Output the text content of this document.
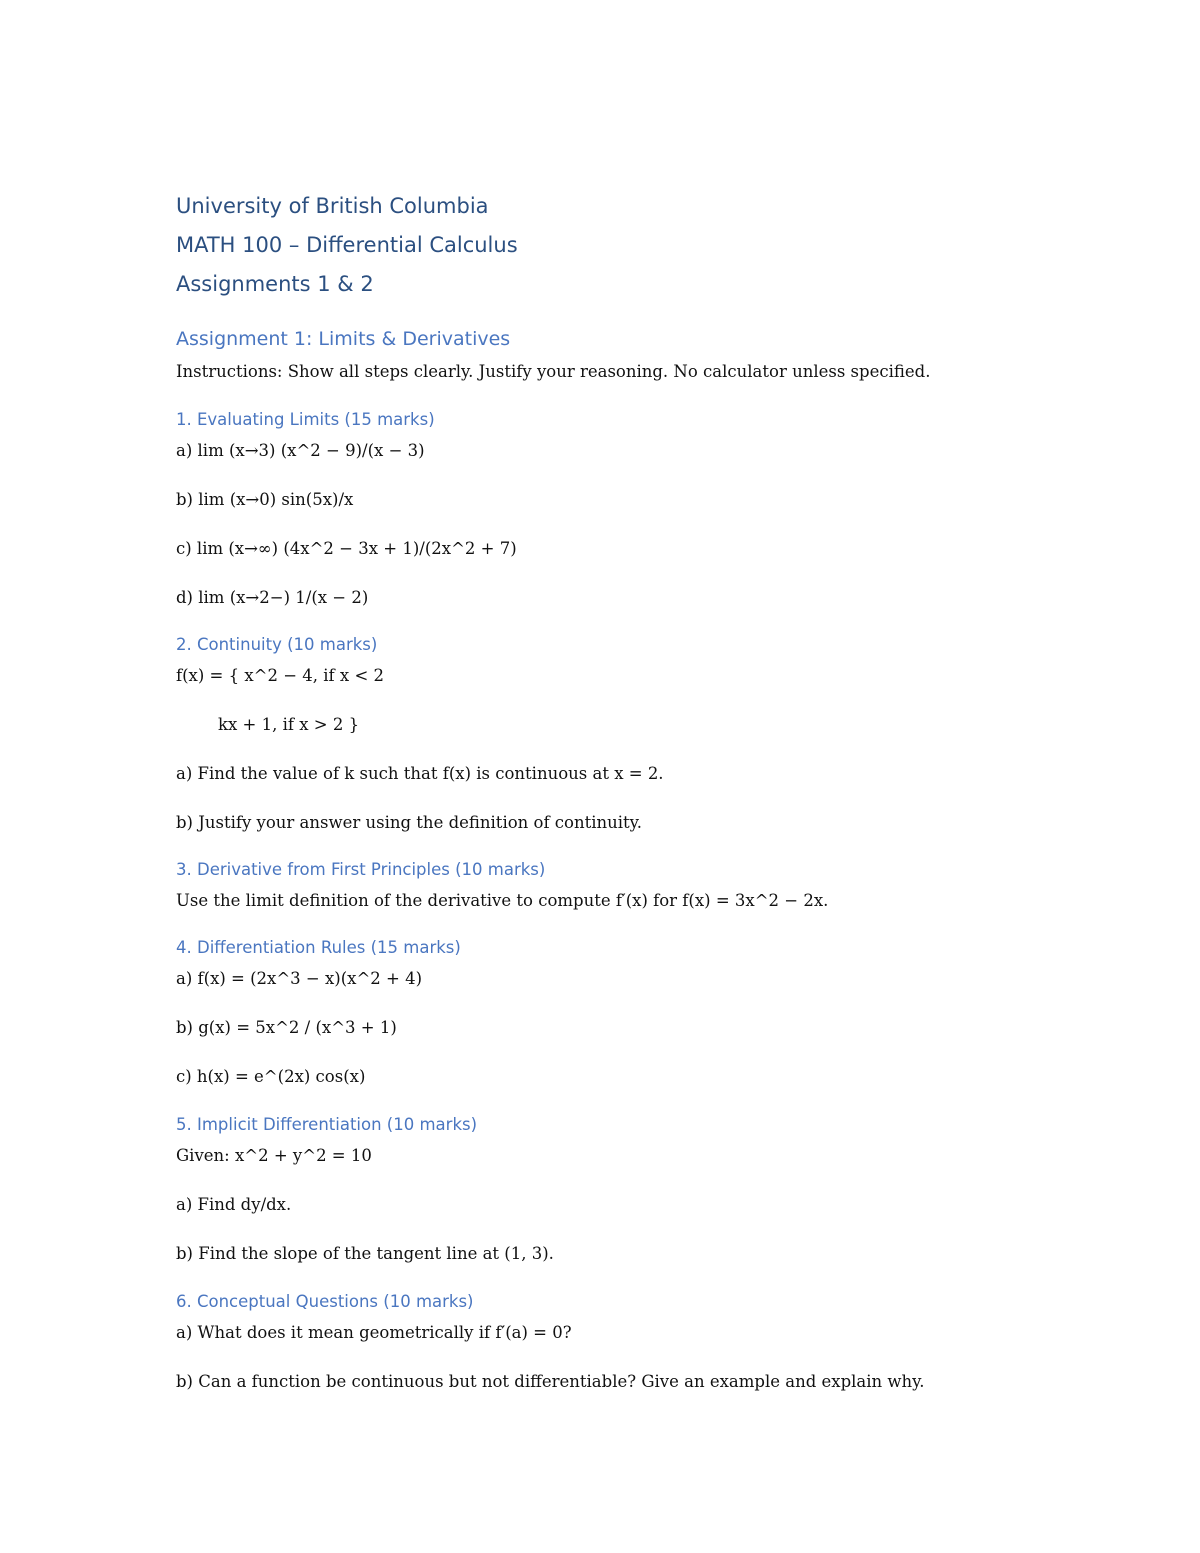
University of British Columbia
MATH 100 – Differential Calculus
Assignments 1 & 2
Assignment 1: Limits & Derivatives
Instructions: Show all steps clearly. Justify your reasoning. No calculator unless specified.
1. Evaluating Limits (15 marks)
a) lim (x→3) (x^2 − 9)/(x − 3)
b) lim (x→0) sin(5x)/x
c) lim (x→∞) (4x^2 − 3x + 1)/(2x^2 + 7)
d) lim (x→2−) 1/(x − 2)
2. Continuity (10 marks)
f(x) = { x^2 − 4, if x < 2
kx + 1, if x > 2 }
a) Find the value of k such that f(x) is continuous at x = 2.
b) Justify your answer using the definition of continuity.
3. Derivative from First Principles (10 marks)
Use the limit definition of the derivative to compute f′(x) for f(x) = 3x^2 − 2x.
4. Differentiation Rules (15 marks)
a) f(x) = (2x^3 − x)(x^2 + 4)
b) g(x) = 5x^2 / (x^3 + 1)
c) h(x) = e^(2x) cos(x)
5. Implicit Differentiation (10 marks)
Given: x^2 + y^2 = 10
a) Find dy/dx.
b) Find the slope of the tangent line at (1, 3).
6. Conceptual Questions (10 marks)
a) What does it mean geometrically if f′(a) = 0?
b) Can a function be continuous but not differentiable? Give an example and explain why.
